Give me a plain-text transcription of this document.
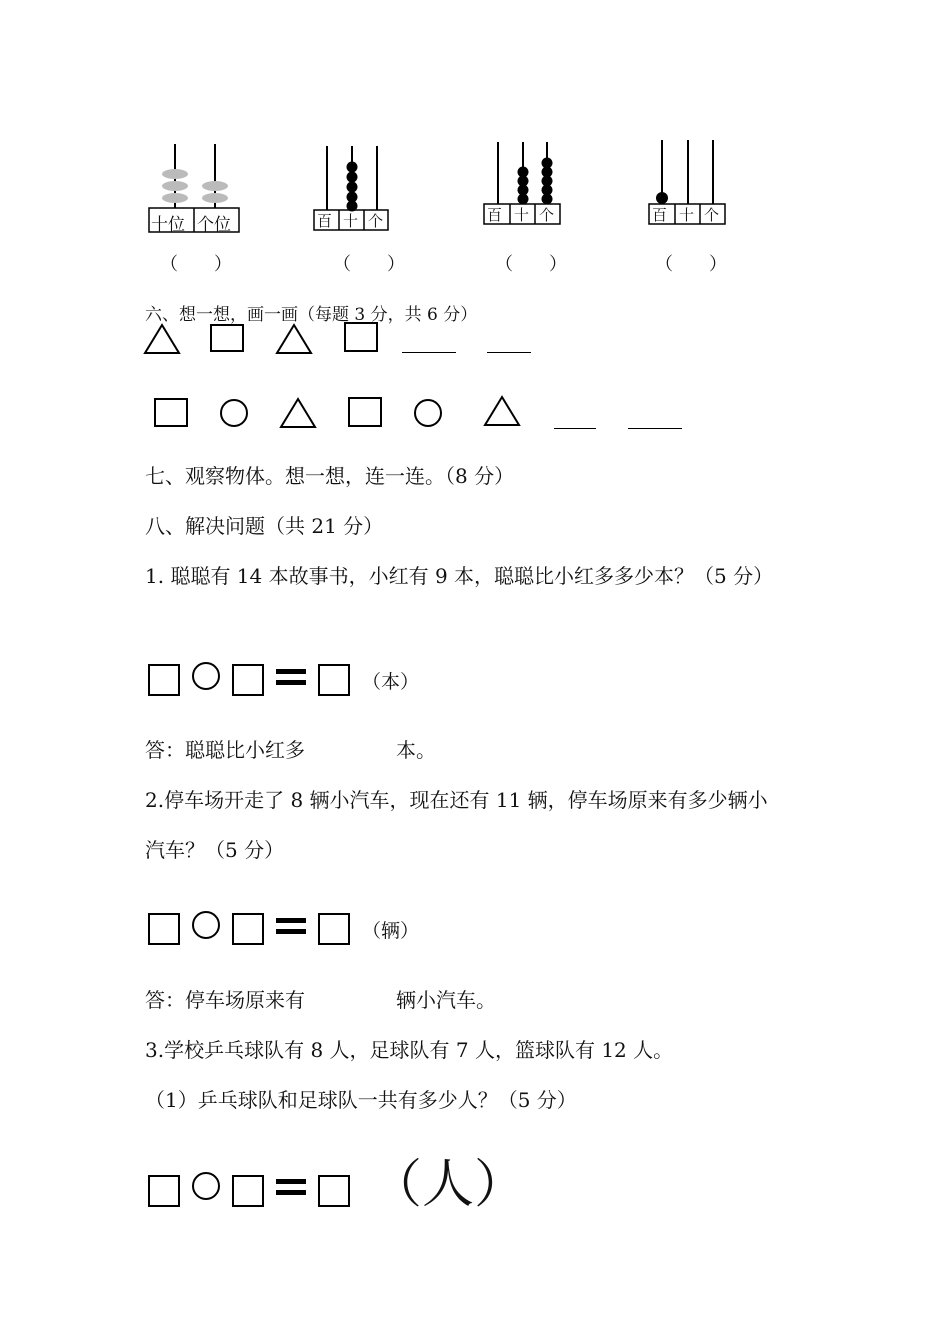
十位 个位	百 十 个	百 十 个	百 十 个
（　　）	（　　）	（　　）	（　　）
六、想一想，画一画（每题 3 分，共 6 分）
七、观察物体。想一想，连一连。（8 分）
八、解决问题（共 21 分）
1. 聪聪有 14 本故事书，小红有 9 本，聪聪比小红多多少本？（5 分）
（本）
答：聪聪比小红多	本。
2.停车场开走了 8 辆小汽车，现在还有 11 辆，停车场原来有多少辆小
汽车？（5 分）
（辆）
答：停车场原来有	辆小汽车。
3.学校乒乓球队有 8 人，足球队有 7 人，篮球队有 12 人。
（1）乒乓球队和足球队一共有多少人？（5 分）
（人）
